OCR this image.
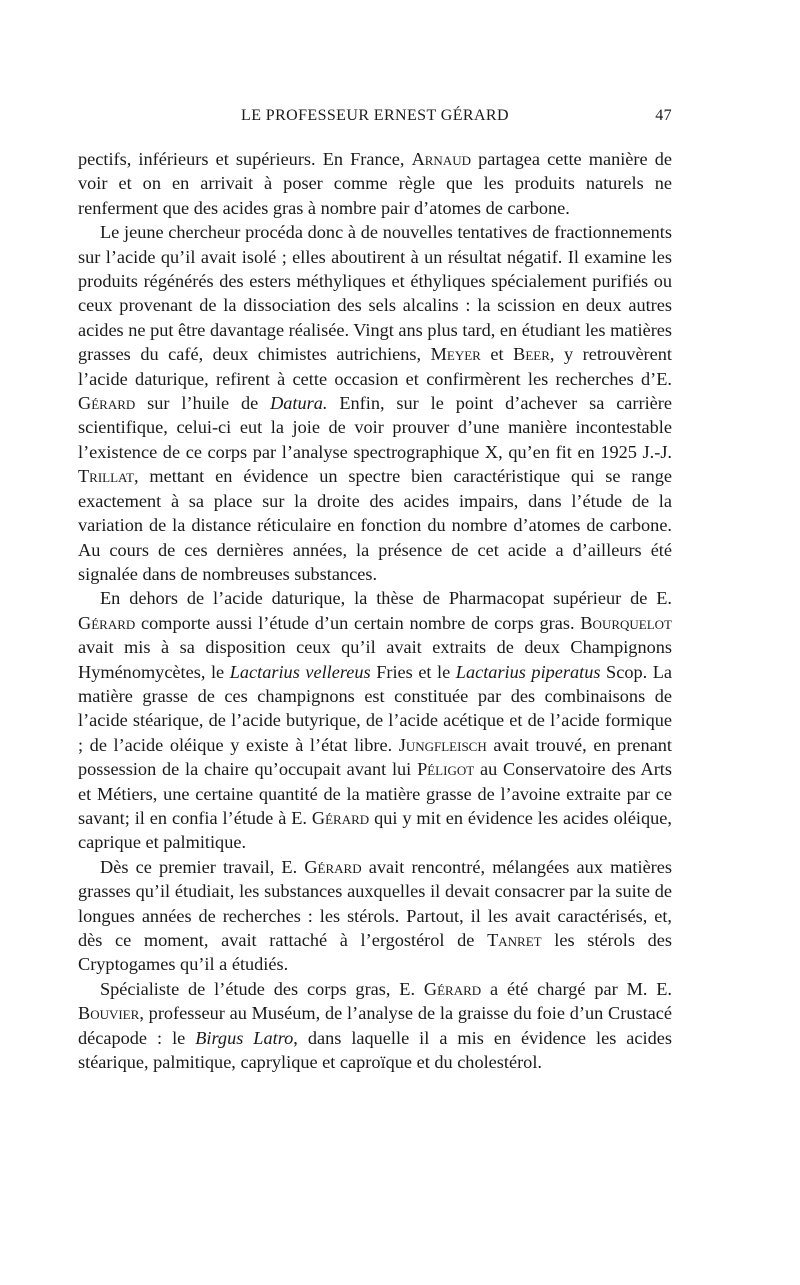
LE PROFESSEUR ERNEST GÉRARD	47

pectifs, inférieurs et supérieurs. En France, Arnaud partagea cette manière de voir et on en arrivait à poser comme règle que les produits naturels ne renferment que des acides gras à nombre pair d’atomes de carbone.

Le jeune chercheur procéda donc à de nouvelles tentatives de fractionnements sur l’acide qu’il avait isolé ; elles aboutirent à un résultat négatif. Il examine les produits régénérés des esters méthyliques et éthyliques spécialement purifiés ou ceux provenant de la dissociation des sels alcalins : la scission en deux autres acides ne put être davantage réalisée. Vingt ans plus tard, en étudiant les matières grasses du café, deux chimistes autrichiens, Meyer et Beer, y retrouvèrent l’acide daturique, refirent à cette occasion et confirmèrent les recherches d’E. Gérard sur l’huile de Datura. Enfin, sur le point d’achever sa carrière scientifique, celui-ci eut la joie de voir prouver d’une manière incontestable l’existence de ce corps par l’analyse spectrographique X, qu’en fit en 1925 J.-J. Trillat, mettant en évidence un spectre bien caractéristique qui se range exactement à sa place sur la droite des acides impairs, dans l’étude de la variation de la distance réticulaire en fonction du nombre d’atomes de carbone. Au cours de ces dernières années, la présence de cet acide a d’ailleurs été signalée dans de nombreuses substances.

En dehors de l’acide daturique, la thèse de Pharmacopat supérieur de E. Gérard comporte aussi l’étude d’un certain nombre de corps gras. Bourquelot avait mis à sa disposition ceux qu’il avait extraits de deux Champignons Hyménomycètes, le Lactarius vellereus Fries et le Lactarius piperatus Scop. La matière grasse de ces champignons est constituée par des combinaisons de l’acide stéarique, de l’acide butyrique, de l’acide acétique et de l’acide formique ; de l’acide oléique y existe à l’état libre. Jungfleisch avait trouvé, en prenant possession de la chaire qu’occupait avant lui Péligot au Conservatoire des Arts et Métiers, une certaine quantité de la matière grasse de l’avoine extraite par ce savant; il en confia l’étude à E. Gérard qui y mit en évidence les acides oléique, caprique et palmitique.

Dès ce premier travail, E. Gérard avait rencontré, mélangées aux matières grasses qu’il étudiait, les substances auxquelles il devait consacrer par la suite de longues années de recherches : les stérols. Partout, il les avait caractérisés, et, dès ce moment, avait rattaché à l’ergostérol de Tanret les stérols des Cryptogames qu’il a étudiés.

Spécialiste de l’étude des corps gras, E. Gérard a été chargé par M. E. Bouvier, professeur au Muséum, de l’analyse de la graisse du foie d’un Crustacé décapode : le Birgus Latro, dans laquelle il a mis en évidence les acides stéarique, palmitique, caprylique et caproïque et du cholestérol.
